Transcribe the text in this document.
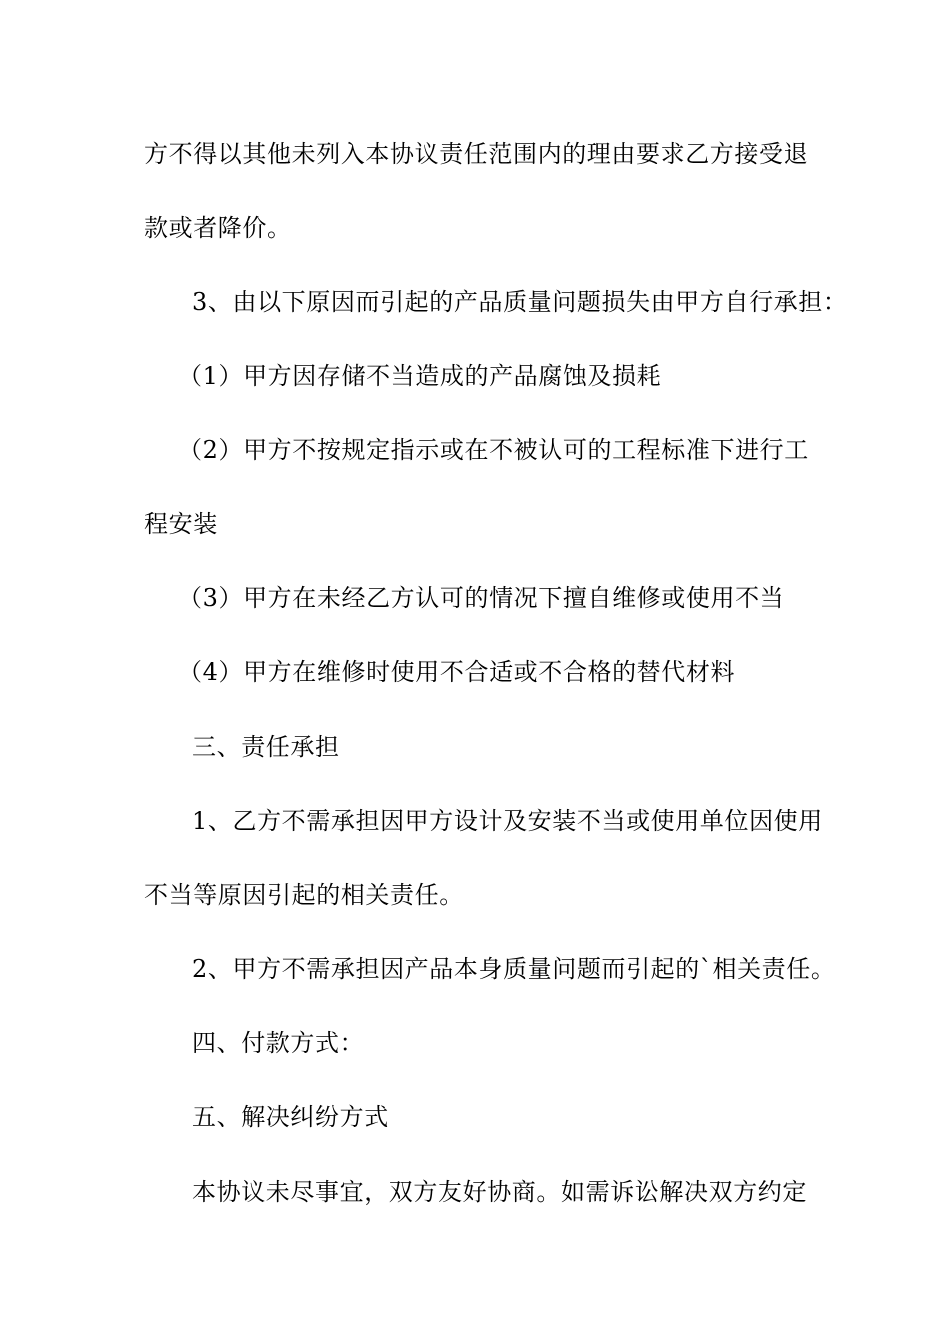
方不得以其他未列入本协议责任范围内的理由要求乙方接受退
款或者降价。
3、由以下原因而引起的产品质量问题损失由甲方自行承担：
（1）甲方因存储不当造成的产品腐蚀及损耗
（2）甲方不按规定指示或在不被认可的工程标准下进行工
程安装
（3）甲方在未经乙方认可的情况下擅自维修或使用不当
（4）甲方在维修时使用不合适或不合格的替代材料
三、责任承担
1、乙方不需承担因甲方设计及安装不当或使用单位因使用
不当等原因引起的相关责任。
2、甲方不需承担因产品本身质量问题而引起的`相关责任。
四、付款方式：
五、解决纠纷方式
本协议未尽事宜，双方友好协商。如需诉讼解决双方约定
